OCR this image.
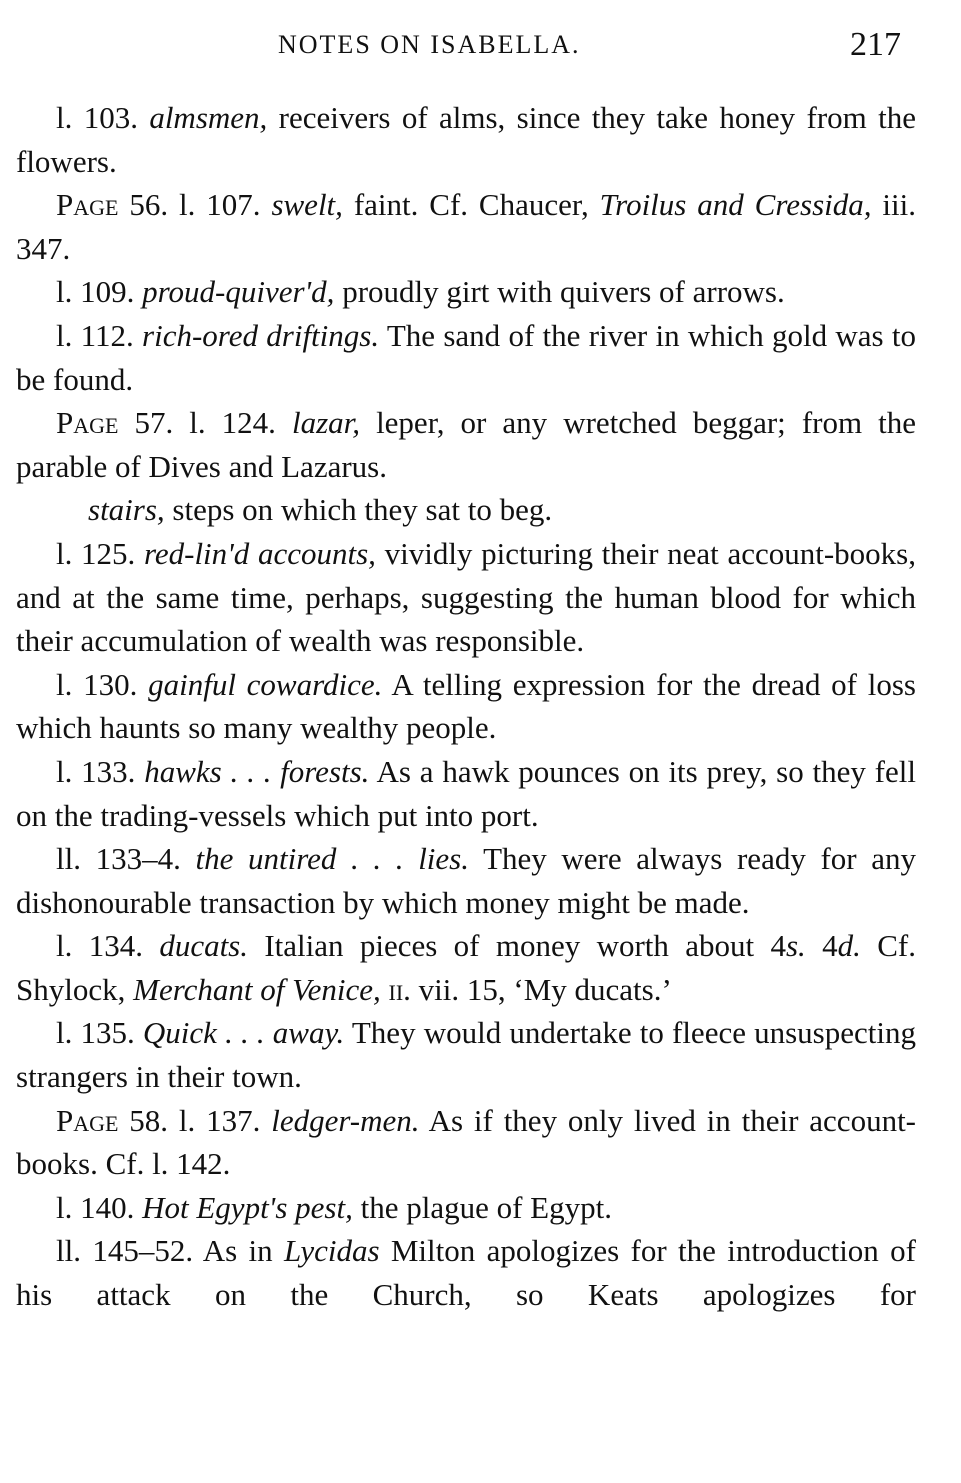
NOTES ON ISABELLA.	217

l. 103. almsmen, receivers of alms, since they take honey from the flowers.

Page 56. l. 107. swelt, faint. Cf. Chaucer, Troilus and Cressida, iii. 347.

l. 109. proud-quiver'd, proudly girt with quivers of arrows.

l. 112. rich-ored driftings. The sand of the river in which gold was to be found.

Page 57. l. 124. lazar, leper, or any wretched beggar; from the parable of Dives and Lazarus.

stairs, steps on which they sat to beg.

l. 125. red-lin'd accounts, vividly picturing their neat account-books, and at the same time, perhaps, suggesting the human blood for which their accumulation of wealth was responsible.

l. 130. gainful cowardice. A telling expression for the dread of loss which haunts so many wealthy people.

l. 133. hawks . . . forests. As a hawk pounces on its prey, so they fell on the trading-vessels which put into port.

ll. 133–4. the untired . . . lies. They were always ready for any dishonourable transaction by which money might be made.

l. 134. ducats. Italian pieces of money worth about 4s. 4d. Cf. Shylock, Merchant of Venice, ii. vii. 15, ‘My ducats.’

l. 135. Quick . . . away. They would undertake to fleece unsuspecting strangers in their town.

Page 58. l. 137. ledger-men. As if they only lived in their account-books. Cf. l. 142.

l. 140. Hot Egypt's pest, the plague of Egypt.

ll. 145–52. As in Lycidas Milton apologizes for the introduction of his attack on the Church, so Keats apologizes for
